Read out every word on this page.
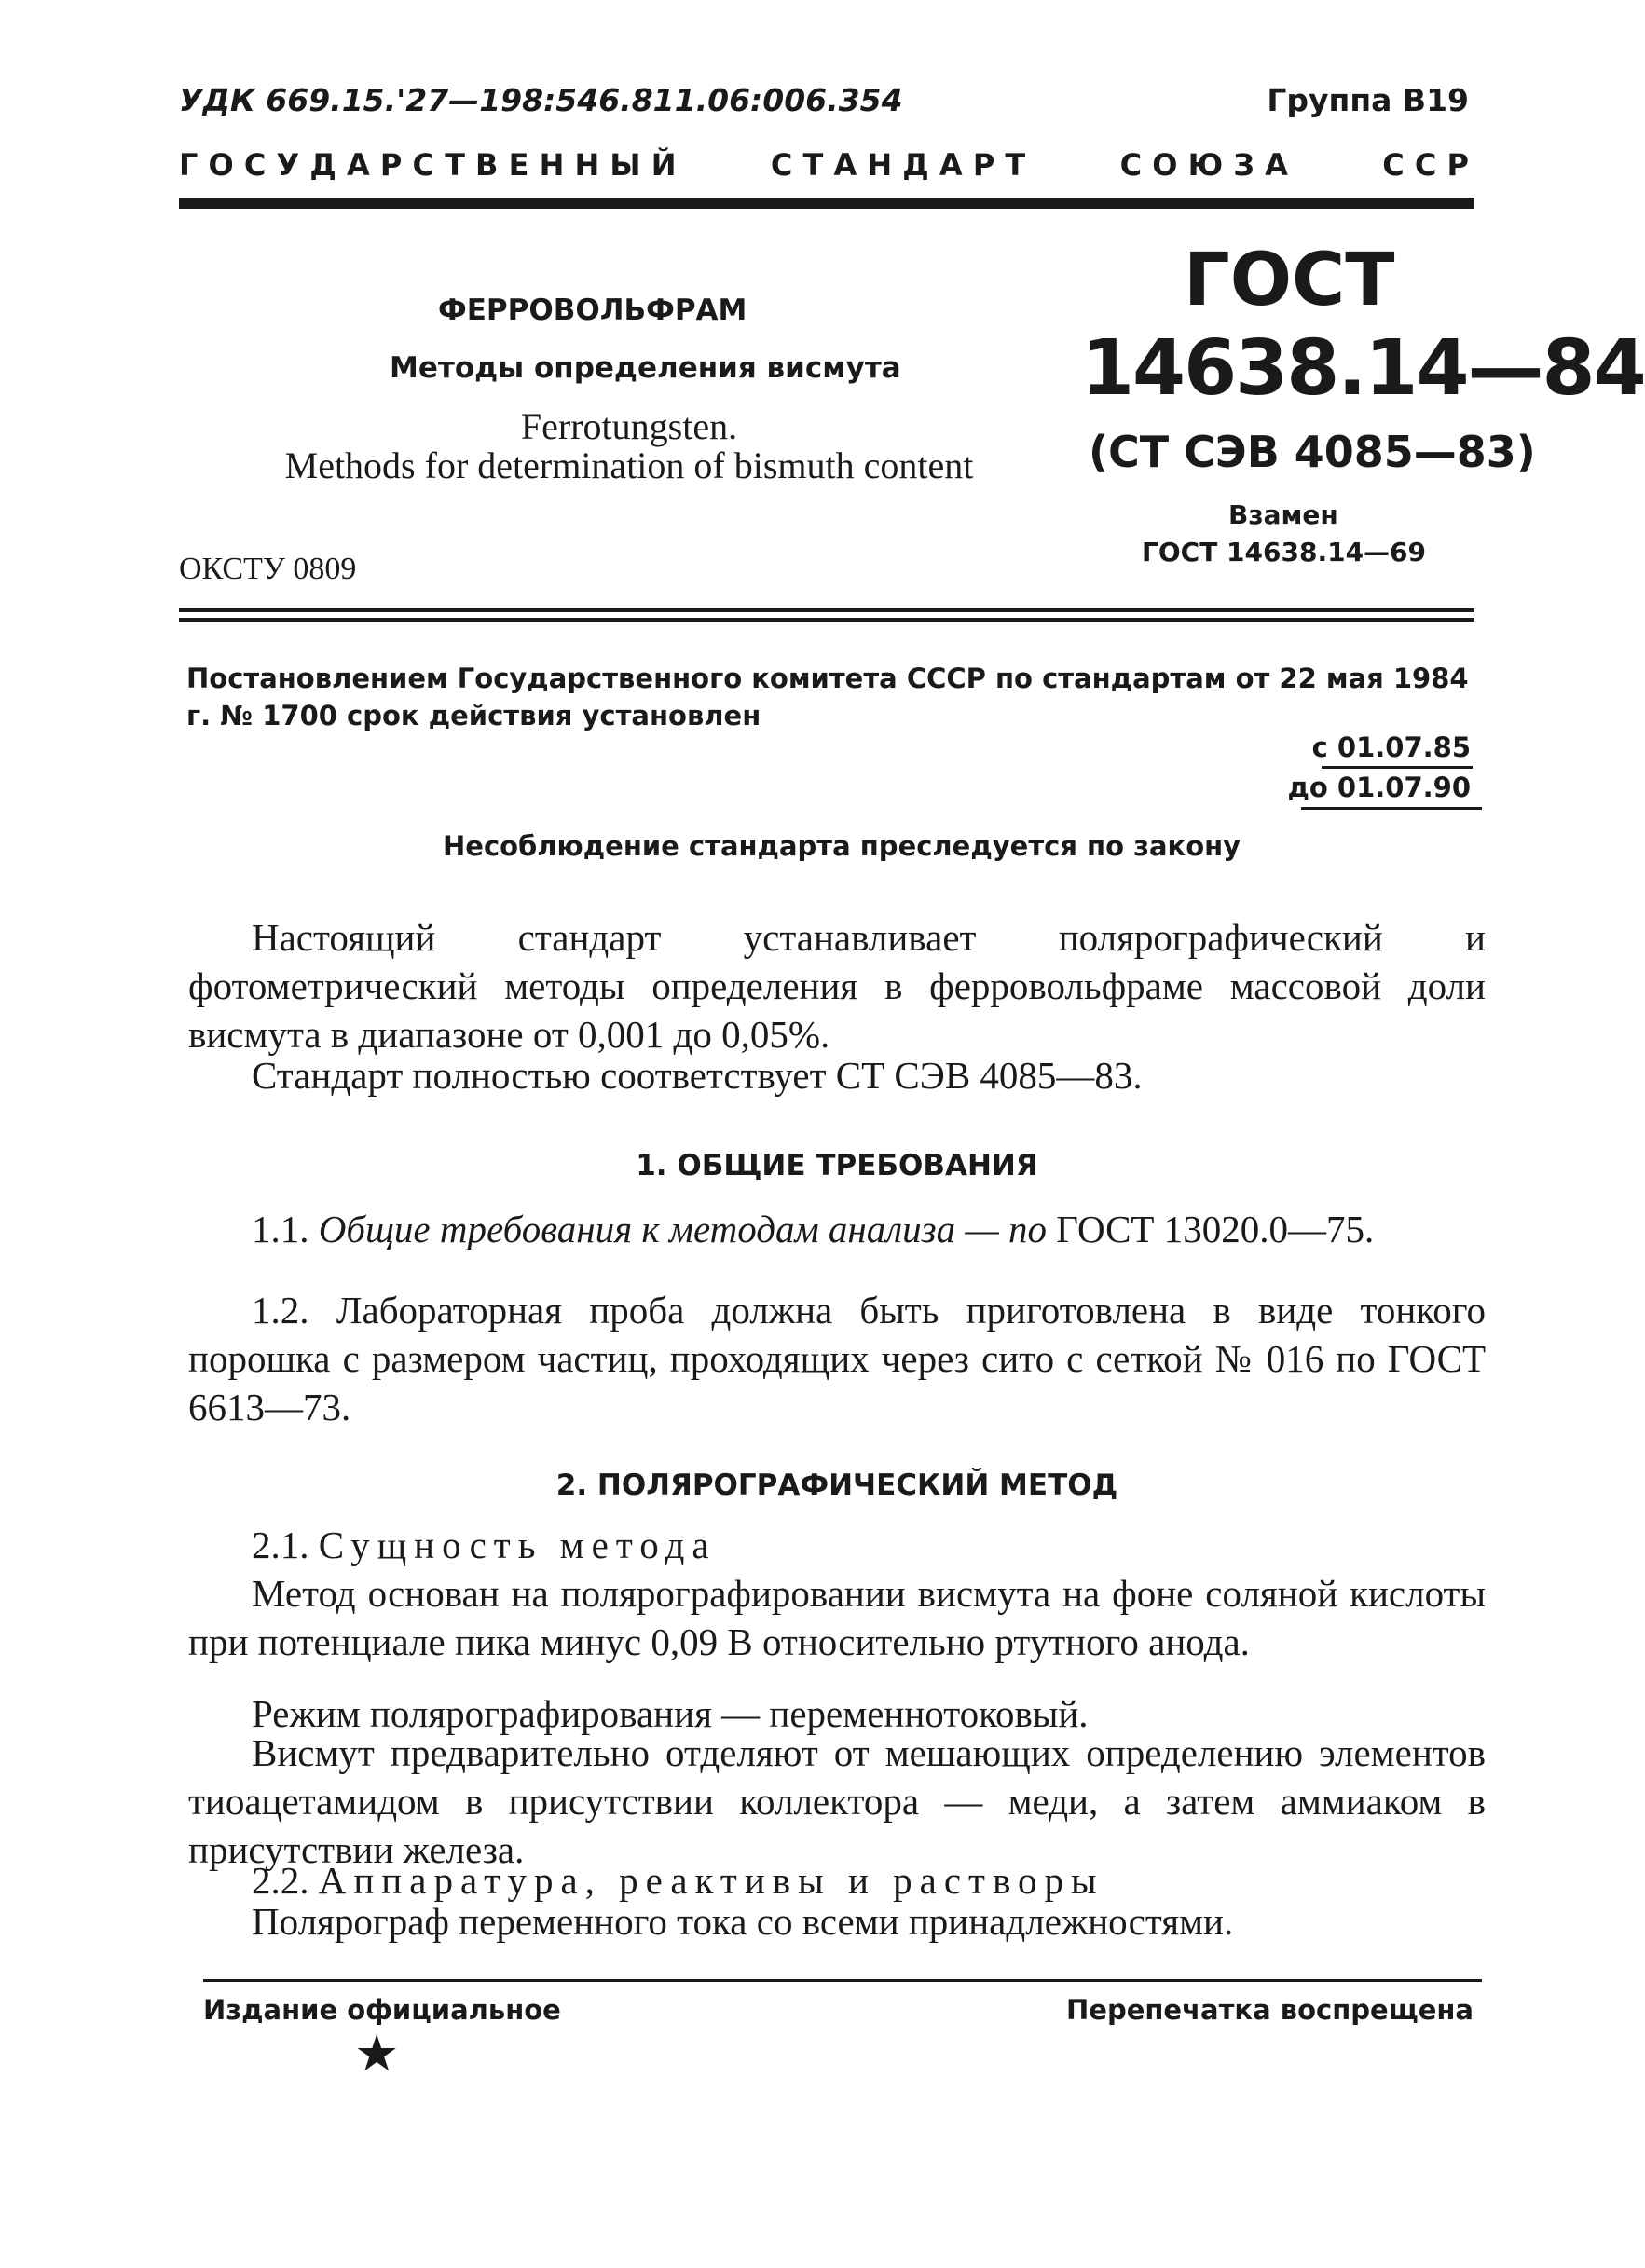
УДК 669.15.'27—198:546.811.06:006.354	Группа В19
Г О С У Д А Р С Т В Е Н Н Ы Й	С Т А Н Д А Р Т	С О Ю З А	С С Р
ФЕРРОВОЛЬФРАМ
Методы определения висмута
Ferrotungsten.
Methods for determination of bismuth content
ОКСТУ 0809
ГОСТ
14638.14—84
(СТ СЭВ 4085—83)
Взамен
ГОСТ 14638.14—69
Постановлением Государственного комитета СССР по стандартам от 22 мая 1984 г. № 1700 срок действия установлен
с 01.07.85
до 01.07.90
Несоблюдение стандарта преследуется по закону
Настоящий стандарт устанавливает полярографический и фотометрический методы определения в ферровольфраме массовой доли висмута в диапазоне от 0,001 до 0,05%.
Стандарт полностью соответствует СТ СЭВ 4085—83.
1. ОБЩИЕ ТРЕБОВАНИЯ
1.1. Общие требования к методам анализа — по ГОСТ 13020.0—75.
1.2. Лабораторная проба должна быть приготовлена в виде тонкого порошка с размером частиц, проходящих через сито с сеткой № 016 по ГОСТ 6613—73.
2. ПОЛЯРОГРАФИЧЕСКИЙ МЕТОД
2.1. Сущность метода
Метод основан на полярографировании висмута на фоне соляной кислоты при потенциале пика минус 0,09 В относительно ртутного анода.
Режим полярографирования — переменнотоковый.
Висмут предварительно отделяют от мешающих определению элементов тиоацетамидом в присутствии коллектора — меди, а затем аммиаком в присутствии железа.
2.2. Аппаратура, реактивы и растворы
Полярограф переменного тока со всеми принадлежностями.
Издание официальное	Перепечатка воспрещена
★
